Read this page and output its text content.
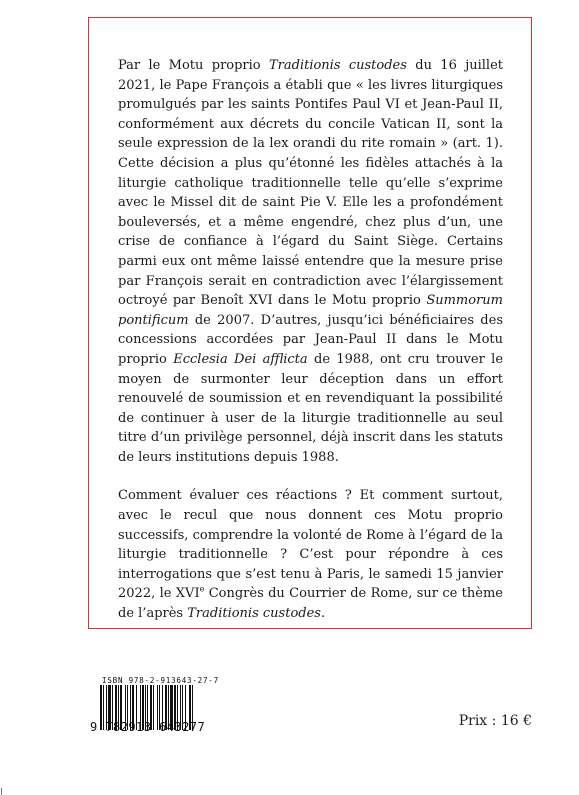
Par le Motu proprio Traditionis custodes du 16 juillet 2021, le Pape François a établi que « les livres liturgiques promulgués par les saints Pontifes Paul VI et Jean-Paul II, conformément aux décrets du concile Vatican II, sont la seule expression de la lex orandi du rite romain » (art. 1). Cette décision a plus qu’étonné les fidèles attachés à la liturgie catholique traditionnelle telle qu’elle s’exprime avec le Missel dit de saint Pie V. Elle les a profondément bouleversés, et a même engendré, chez plus d’un, une crise de confiance à l’égard du Saint Siège. Certains parmi eux ont même laissé entendre que la mesure prise par François serait en contradiction avec l’élargissement octroyé par Benoît XVI dans le Motu proprio Summorum pontificum de 2007. D’autres, jusqu’ici bénéficiaires des concessions accordées par Jean-Paul II dans le Motu proprio Ecclesia Dei afflicta de 1988, ont cru trouver le moyen de surmonter leur déception dans un effort renouvelé de soumission et en revendiquant la possibilité de continuer à user de la liturgie traditionnelle au seul titre d’un privilège personnel, déjà inscrit dans les statuts de leurs institutions depuis 1988.

Comment évaluer ces réactions ? Et comment surtout, avec le recul que nous donnent ces Motu proprio successifs, comprendre la volonté de Rome à l’égard de la liturgie traditionnelle ? C’est pour répondre à ces interrogations que s’est tenu à Paris, le samedi 15 janvier 2022, le XVIe Congrès du Courrier de Rome, sur ce thème de l’après Traditionis custodes.

ISBN 978-2-913643-27-7
9 782913 643277	Prix : 16 €
